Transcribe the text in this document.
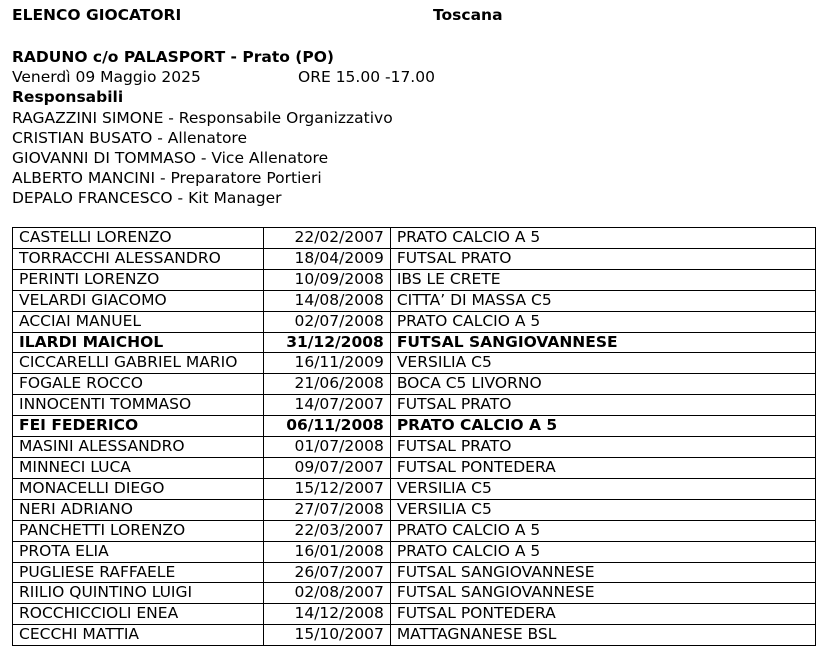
ELENCO GIOCATORI	Toscana
RADUNO c/o PALASPORT - Prato (PO)
Venerdì 09 Maggio 2025	ORE 15.00 -17.00
Responsabili
RAGAZZINI SIMONE - Responsabile Organizzativo
CRISTIAN BUSATO - Allenatore
GIOVANNI DI TOMMASO - Vice Allenatore
ALBERTO MANCINI - Preparatore Portieri
DEPALO FRANCESCO - Kit Manager
CASTELLI LORENZO	22/02/2007	PRATO CALCIO A 5
TORRACCHI ALESSANDRO	18/04/2009	FUTSAL PRATO
PERINTI LORENZO	10/09/2008	IBS LE CRETE
VELARDI GIACOMO	14/08/2008	CITTA’ DI MASSA C5
ACCIAI MANUEL	02/07/2008	PRATO CALCIO A 5
ILARDI MAICHOL	31/12/2008	FUTSAL SANGIOVANNESE
CICCARELLI GABRIEL MARIO	16/11/2009	VERSILIA C5
FOGALE ROCCO	21/06/2008	BOCA C5 LIVORNO
INNOCENTI TOMMASO	14/07/2007	FUTSAL PRATO
FEI FEDERICO	06/11/2008	PRATO CALCIO A 5
MASINI ALESSANDRO	01/07/2008	FUTSAL PRATO
MINNECI LUCA	09/07/2007	FUTSAL PONTEDERA
MONACELLI DIEGO	15/12/2007	VERSILIA C5
NERI ADRIANO	27/07/2008	VERSILIA C5
PANCHETTI LORENZO	22/03/2007	PRATO CALCIO A 5
PROTA ELIA	16/01/2008	PRATO CALCIO A 5
PUGLIESE RAFFAELE	26/07/2007	FUTSAL SANGIOVANNESE
RIILIO QUINTINO LUIGI	02/08/2007	FUTSAL SANGIOVANNESE
ROCCHICCIOLI ENEA	14/12/2008	FUTSAL PONTEDERA
CECCHI MATTIA	15/10/2007	MATTAGNANESE BSL
